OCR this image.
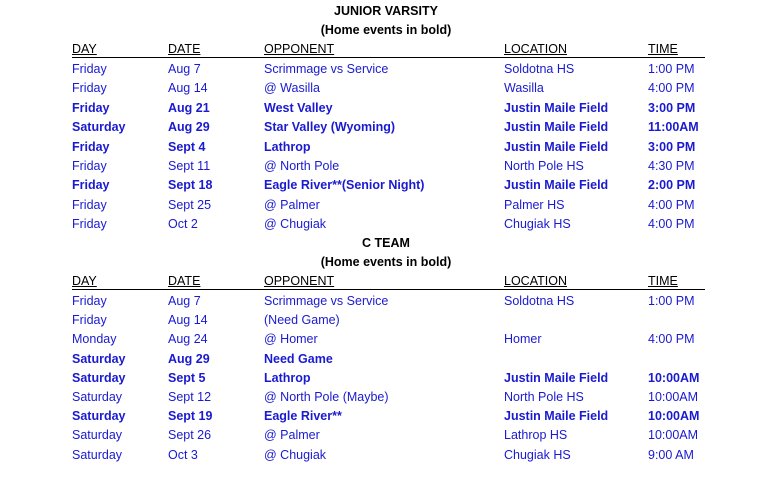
JUNIOR VARSITY
(Home events in bold)
DAY	DATE	OPPONENT	LOCATION	TIME
Friday	Aug 7	Scrimmage vs Service	Soldotna HS	1:00 PM
Friday	Aug 14	@ Wasilla	Wasilla	4:00 PM
Friday	Aug 21	West Valley	Justin Maile Field	3:00 PM
Saturday	Aug 29	Star Valley (Wyoming)	Justin Maile Field	11:00AM
Friday	Sept 4	Lathrop	Justin Maile Field	3:00 PM
Friday	Sept 11	@ North Pole	North Pole HS	4:30 PM
Friday	Sept 18	Eagle River**(Senior Night)	Justin Maile Field	2:00 PM
Friday	Sept 25	@ Palmer	Palmer HS	4:00 PM
Friday	Oct 2	@ Chugiak	Chugiak HS	4:00 PM
C TEAM
(Home events in bold)
DAY	DATE	OPPONENT	LOCATION	TIME
Friday	Aug 7	Scrimmage vs Service	Soldotna HS	1:00 PM
Friday	Aug 14	(Need Game)
Monday	Aug 24	@ Homer	Homer	4:00 PM
Saturday	Aug 29	Need Game
Saturday	Sept 5	Lathrop	Justin Maile Field	10:00AM
Saturday	Sept 12	@ North Pole (Maybe)	North Pole HS	10:00AM
Saturday	Sept 19	Eagle River**	Justin Maile Field	10:00AM
Saturday	Sept 26	@ Palmer	Lathrop HS	10:00AM
Saturday	Oct 3	@ Chugiak	Chugiak HS	9:00 AM
